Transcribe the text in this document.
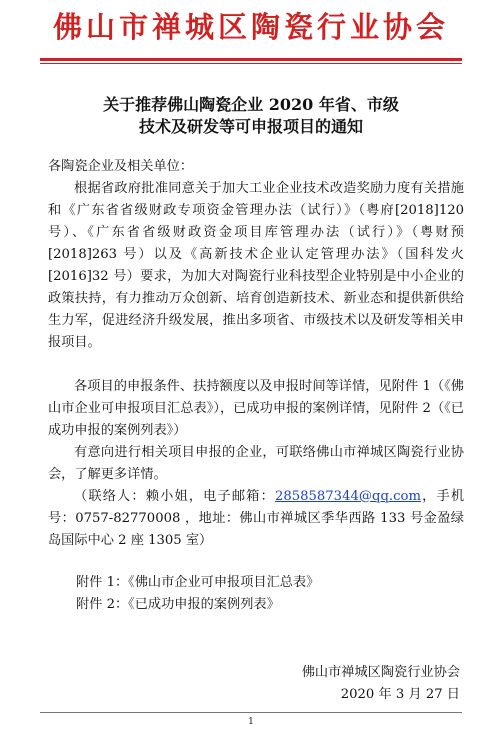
佛山市禅城区陶瓷行业协会
关于推荐佛山陶瓷企业 2020 年省、市级
技术及研发等可申报项目的通知
各陶瓷企业及相关单位：

根据省政府批准同意关于加大工业企业技术改造奖励力度有关措施和《广东省省级财政专项资金管理办法（试行）》（粤府[2018]120 号）、《广东省省级财政资金项目库管理办法（试行）》（粤财预[2018]263 号）以及《高新技术企业认定管理办法》（国科发火[2016]32 号）要求，为加大对陶瓷行业科技型企业特别是中小企业的政策扶持，有力推动万众创新、培育创造新技术、新业态和提供新供给生力军，促进经济升级发展，推出多项省、市级技术以及研发等相关申报项目。

各项目的申报条件、扶持额度以及申报时间等详情，见附件 1（《佛山市企业可申报项目汇总表》），已成功申报的案例详情，见附件 2（《已成功申报的案例列表》）

有意向进行相关项目申报的企业，可联络佛山市禅城区陶瓷行业协会，了解更多详情。

（联络人：赖小姐，电子邮箱：2858587344@qq.com，手机号：0757-82770008 ，地址：佛山市禅城区季华西路 133 号金盈绿岛国际中心 2 座 1305 室）

附件 1：《佛山市企业可申报项目汇总表》
附件 2：《已成功申报的案例列表》
佛山市禅城区陶瓷行业协会
2020 年 3 月 27 日
1
